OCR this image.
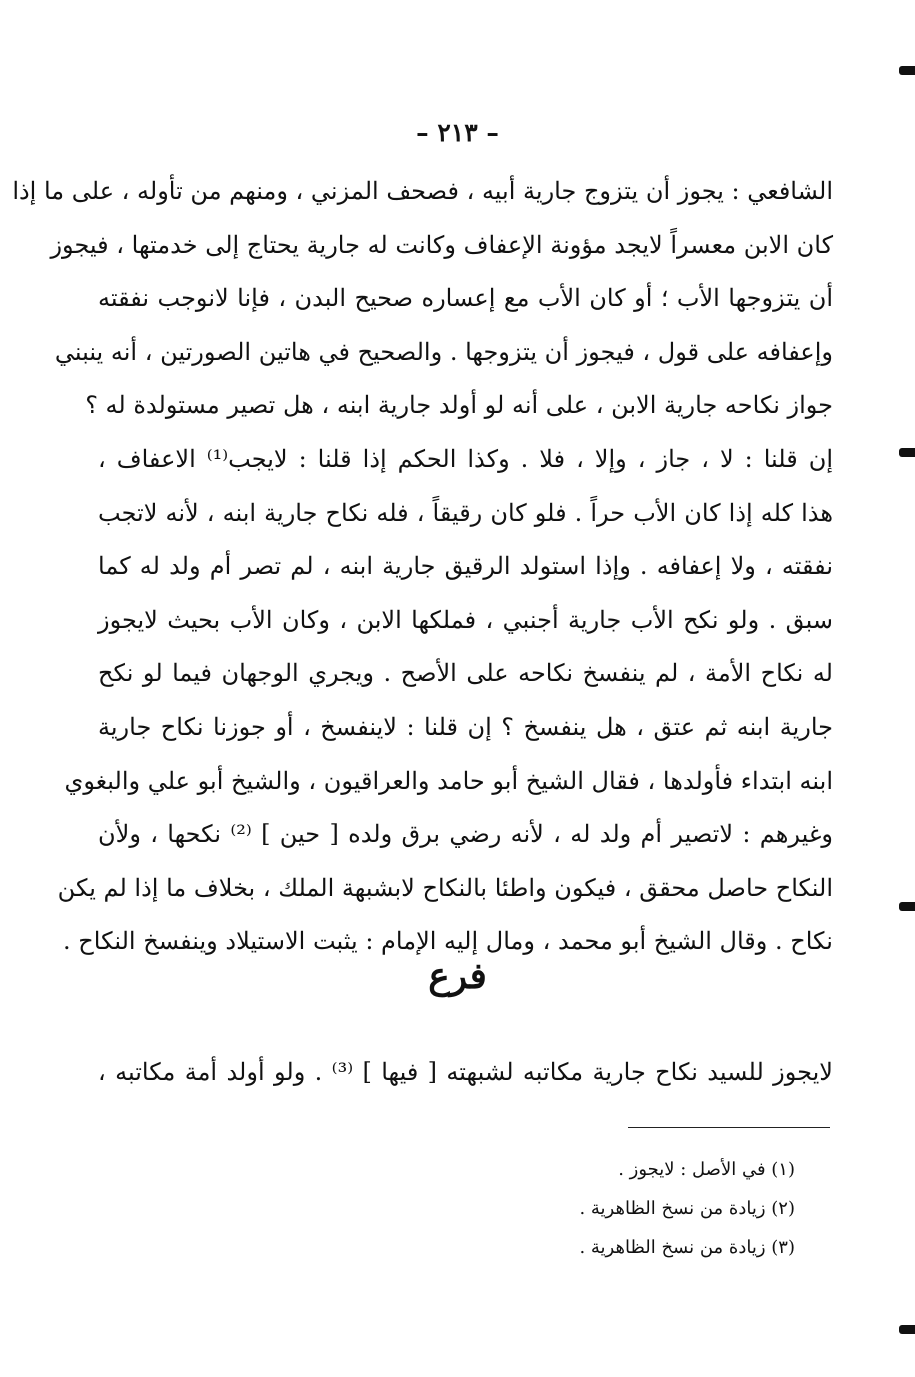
– ٢١٣ –
الشافعي : يجوز أن يتزوج جارية أبيه ، فصحف المزني ، ومنهم من تأوله ، على ما إذا
كان الابن معسراً لايجد مؤونة الإعفاف وكانت له جارية يحتاج إلى خدمتها ، فيجوز
أن يتزوجها الأب ؛ أو كان الأب مع إعساره صحيح البدن ، فإنا لانوجب نفقته
وإعفافه على قول ، فيجوز أن يتزوجها . والصحيح في هاتين الصورتين ، أنه ينبني
جواز نكاحه جارية الابن ، على أنه لو أولد جارية ابنه ، هل تصير مستولدة له ؟
إن قلنا : لا ، جاز ، وإلا ، فلا . وكذا الحكم إذا قلنا : لايجب⁽¹⁾ الاعفاف ،
هذا كله إذا كان الأب حراً . فلو كان رقيقاً ، فله نكاح جارية ابنه ، لأنه لاتجب
نفقته ، ولا إعفافه . وإذا استولد الرقيق جارية ابنه ، لم تصر أم ولد له كما
سبق . ولو نكح الأب جارية أجنبي ، فملكها الابن ، وكان الأب بحيث لايجوز
له نكاح الأمة ، لم ينفسخ نكاحه على الأصح . ويجري الوجهان فيما لو نكح
جارية ابنه ثم عتق ، هل ينفسخ ؟ إن قلنا : لاينفسخ ، أو جوزنا نكاح جارية
ابنه ابتداء فأولدها ، فقال الشيخ أبو حامد والعراقيون ، والشيخ أبو علي والبغوي
وغيرهم : لاتصير أم ولد له ، لأنه رضي برق ولده [ حين ] ⁽²⁾ نكحها ، ولأن
النكاح حاصل محقق ، فيكون واطئا بالنكاح لابشبهة الملك ، بخلاف ما إذا لم يكن
نكاح . وقال الشيخ أبو محمد ، ومال إليه الإمام : يثبت الاستيلاد وينفسخ النكاح .
فرع
لايجوز للسيد نكاح جارية مكاتبه لشبهته [ فيها ] ⁽³⁾ . ولو أولد أمة مكاتبه ،
(١) في الأصل : لايجوز .
(٢) زيادة من نسخ الظاهرية .
(٣) زيادة من نسخ الظاهرية .
